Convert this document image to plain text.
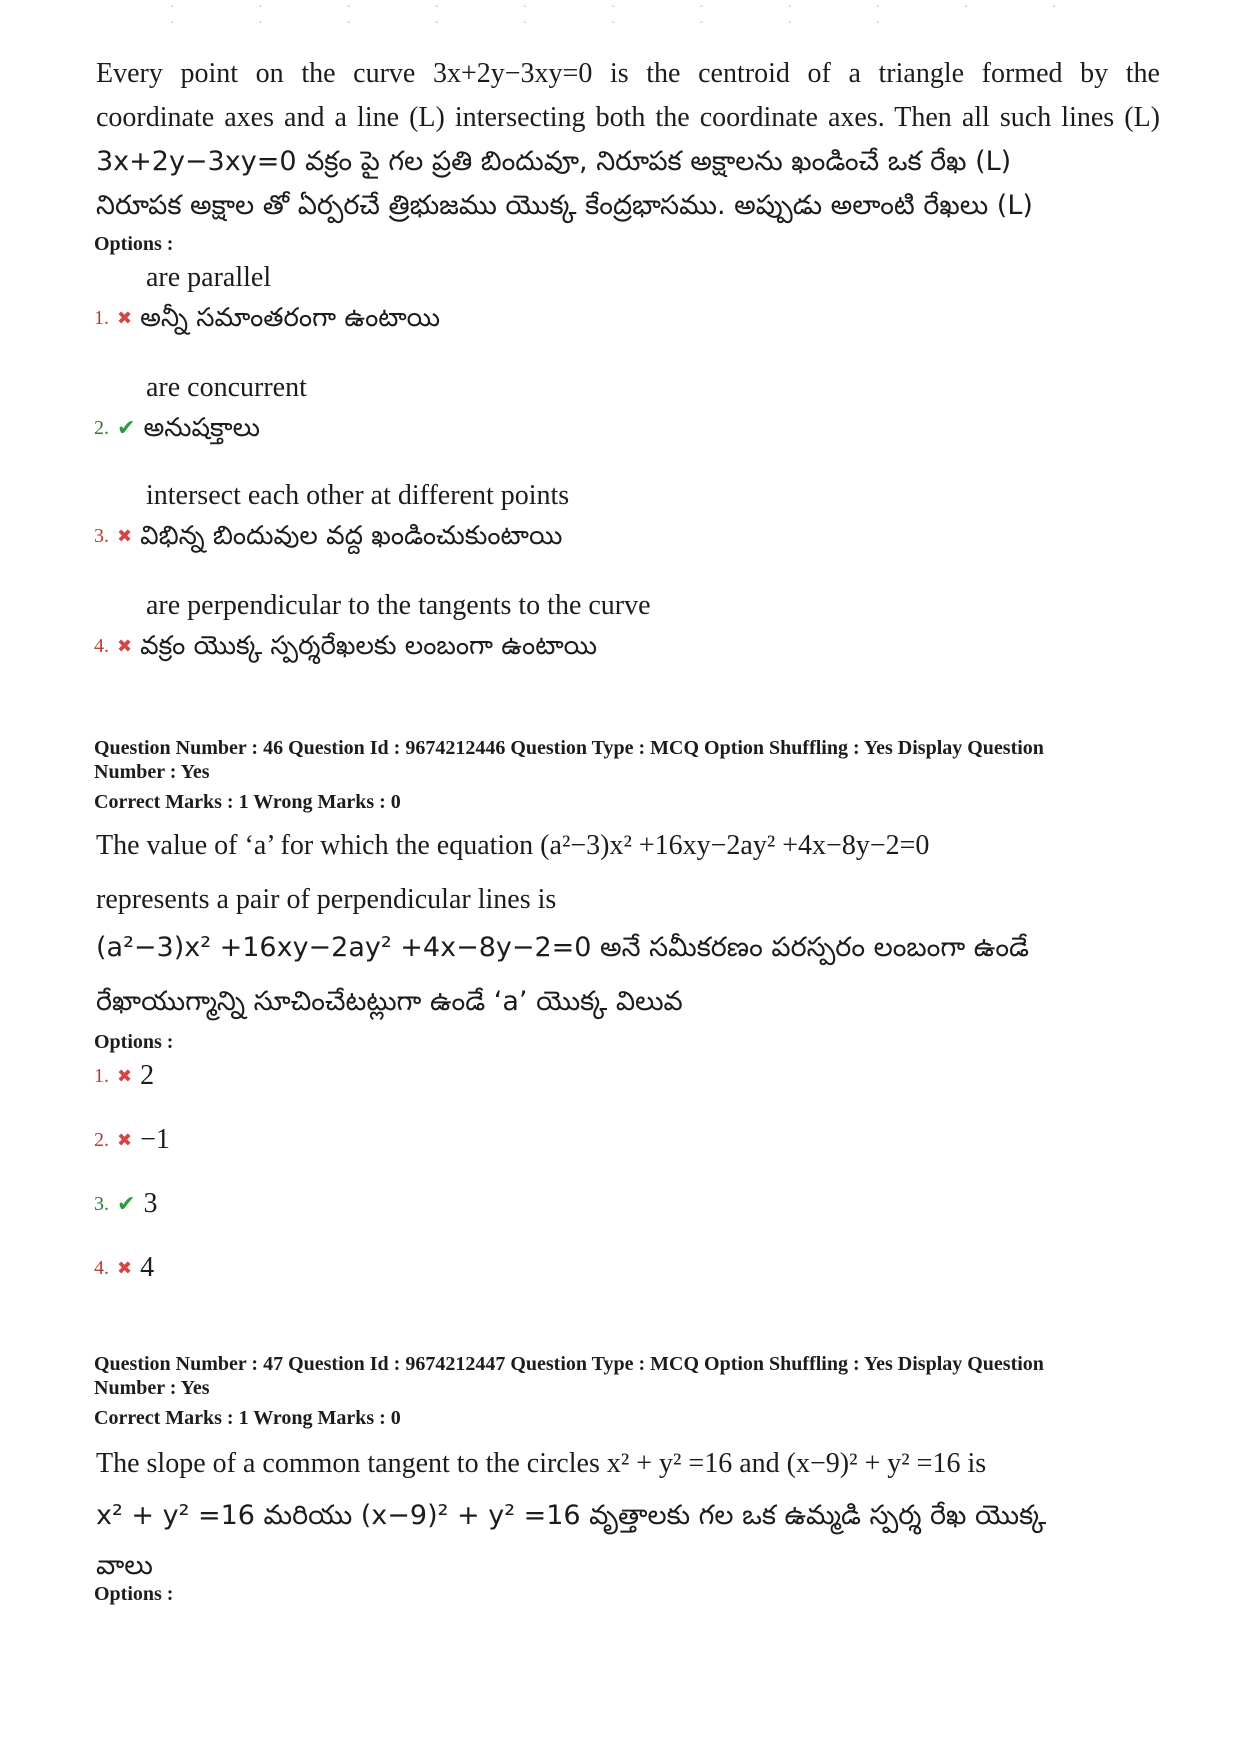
· · · · · · · · · · · · · · · · · · · ·
Every point on the curve 3x+2y−3xy=0 is the centroid of a triangle formed by the
coordinate axes and a line (L) intersecting both the coordinate axes. Then all such lines (L)
3x+2y−3xy=0 వక్రం పై గల ప్రతి బిందువూ, నిరూపక అక్షాలను ఖండించే ఒక రేఖ (L)
నిరూపక అక్షాల తో ఏర్పరచే త్రిభుజము యొక్క కేంద్రభాసము. అప్పుడు అలాంటి రేఖలు (L)
Options :
are parallel
1. ✖ అన్నీ సమాంతరంగా ఉంటాయి
are concurrent
2. ✔ అనుషక్తాలు
intersect each other at different points
3. ✖ విభిన్న బిందువుల వద్ద ఖండించుకుంటాయి
are perpendicular to the tangents to the curve
4. ✖ వక్రం యొక్క స్పర్శరేఖలకు లంబంగా ఉంటాయి
Question Number : 46 Question Id : 9674212446 Question Type : MCQ Option Shuffling : Yes Display Question
Number : Yes
Correct Marks : 1 Wrong Marks : 0
The value of ‘a’ for which the equation (a²−3)x² +16xy−2ay² +4x−8y−2=0
represents a pair of perpendicular lines is
(a²−3)x² +16xy−2ay² +4x−8y−2=0 అనే సమీకరణం పరస్పరం లంబంగా ఉండే
రేఖాయుగ్మాన్ని సూచించేటట్లుగా ఉండే ‘a’ యొక్క విలువ
Options :
1. ✖ 2
2. ✖ −1
3. ✔ 3
4. ✖ 4
Question Number : 47 Question Id : 9674212447 Question Type : MCQ Option Shuffling : Yes Display Question
Number : Yes
Correct Marks : 1 Wrong Marks : 0
The slope of a common tangent to the circles x² + y² =16 and (x−9)² + y² =16 is
x² + y² =16 మరియు (x−9)² + y² =16 వృత్తాలకు గల ఒక ఉమ్మడి స్పర్శ రేఖ యొక్క
వాలు
Options :
